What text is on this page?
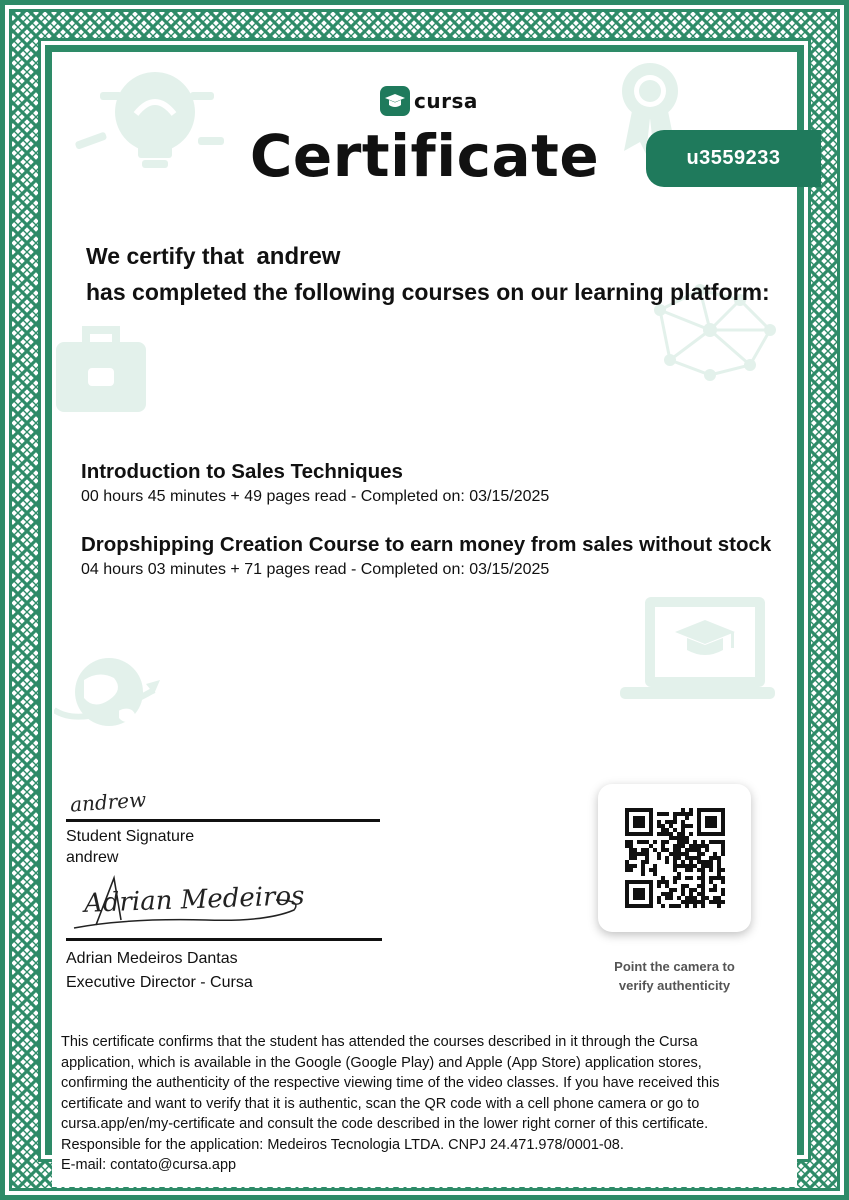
cursa
Certificate	u3559233
We certify that andrew
has completed the following courses on our learning platform:
Introduction to Sales Techniques
00 hours 45 minutes + 49 pages read - Completed on: 03/15/2025
Dropshipping Creation Course to earn money from sales without stock
04 hours 03 minutes + 71 pages read - Completed on: 03/15/2025
andrew
Student Signature
andrew
Adrian Medeiros
Adrian Medeiros Dantas
Executive Director - Cursa
Point the camera to
verify authenticity

This certificate confirms that the student has attended the courses described in it through the Cursa

application, which is available in the Google (Google Play) and Apple (App Store) application stores,

confirming the authenticity of the respective viewing time of the video classes. If you have received this

certificate and want to verify that it is authentic, scan the QR code with a cell phone camera or go to

cursa.app/en/my-certificate and consult the code described in the lower right corner of this certificate.

Responsible for the application: Medeiros Tecnologia LTDA. CNPJ 24.471.978/0001-08.

E-mail: contato@cursa.app
